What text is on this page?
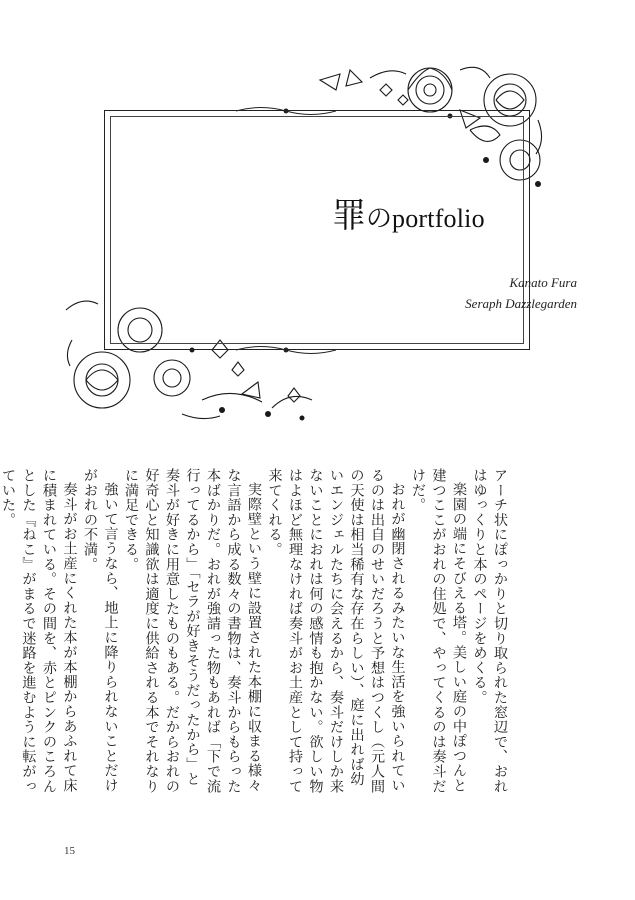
罪のportfolio
Kanato Fura
Seraph Dazzlegarden

アーチ状にぽっかりと切り取られた窓辺で、おれはゆっくりと本のページをめくる。

楽園の端にそびえる塔。美しい庭の中ぽつんと建つここがおれの住処で、やってくるのは奏斗だけだ。

おれが幽閉されるみたいな生活を強いられているのは出自のせいだろうと予想はつくし（元人間の天使は相当稀有な存在らしい）、庭に出れば幼いエンジェルたちに会えるから、奏斗だけしか来ないことにおれは何の感情も抱かない。欲しい物はよほど無理なければ奏斗がお土産として持って来てくれる。

実際壁という壁に設置された本棚に収まる様々な言語から成る数々の書物は、奏斗からもらった本ばかりだ。おれが強請った物もあれば「下で流行ってるから」「セラが好きそうだったから」と奏斗が好きに用意したものもある。だからおれの好奇心と知識欲は適度に供給される本でそれなりに満足できる。

強いて言うなら、地上に降りられないことだけがおれの不満。

奏斗がお土産にくれた本が本棚からあふれて床に積まれている。その間を、赤とピンクのころんとした『ねこ』がまるで迷路を進むように転がっていた。

15
